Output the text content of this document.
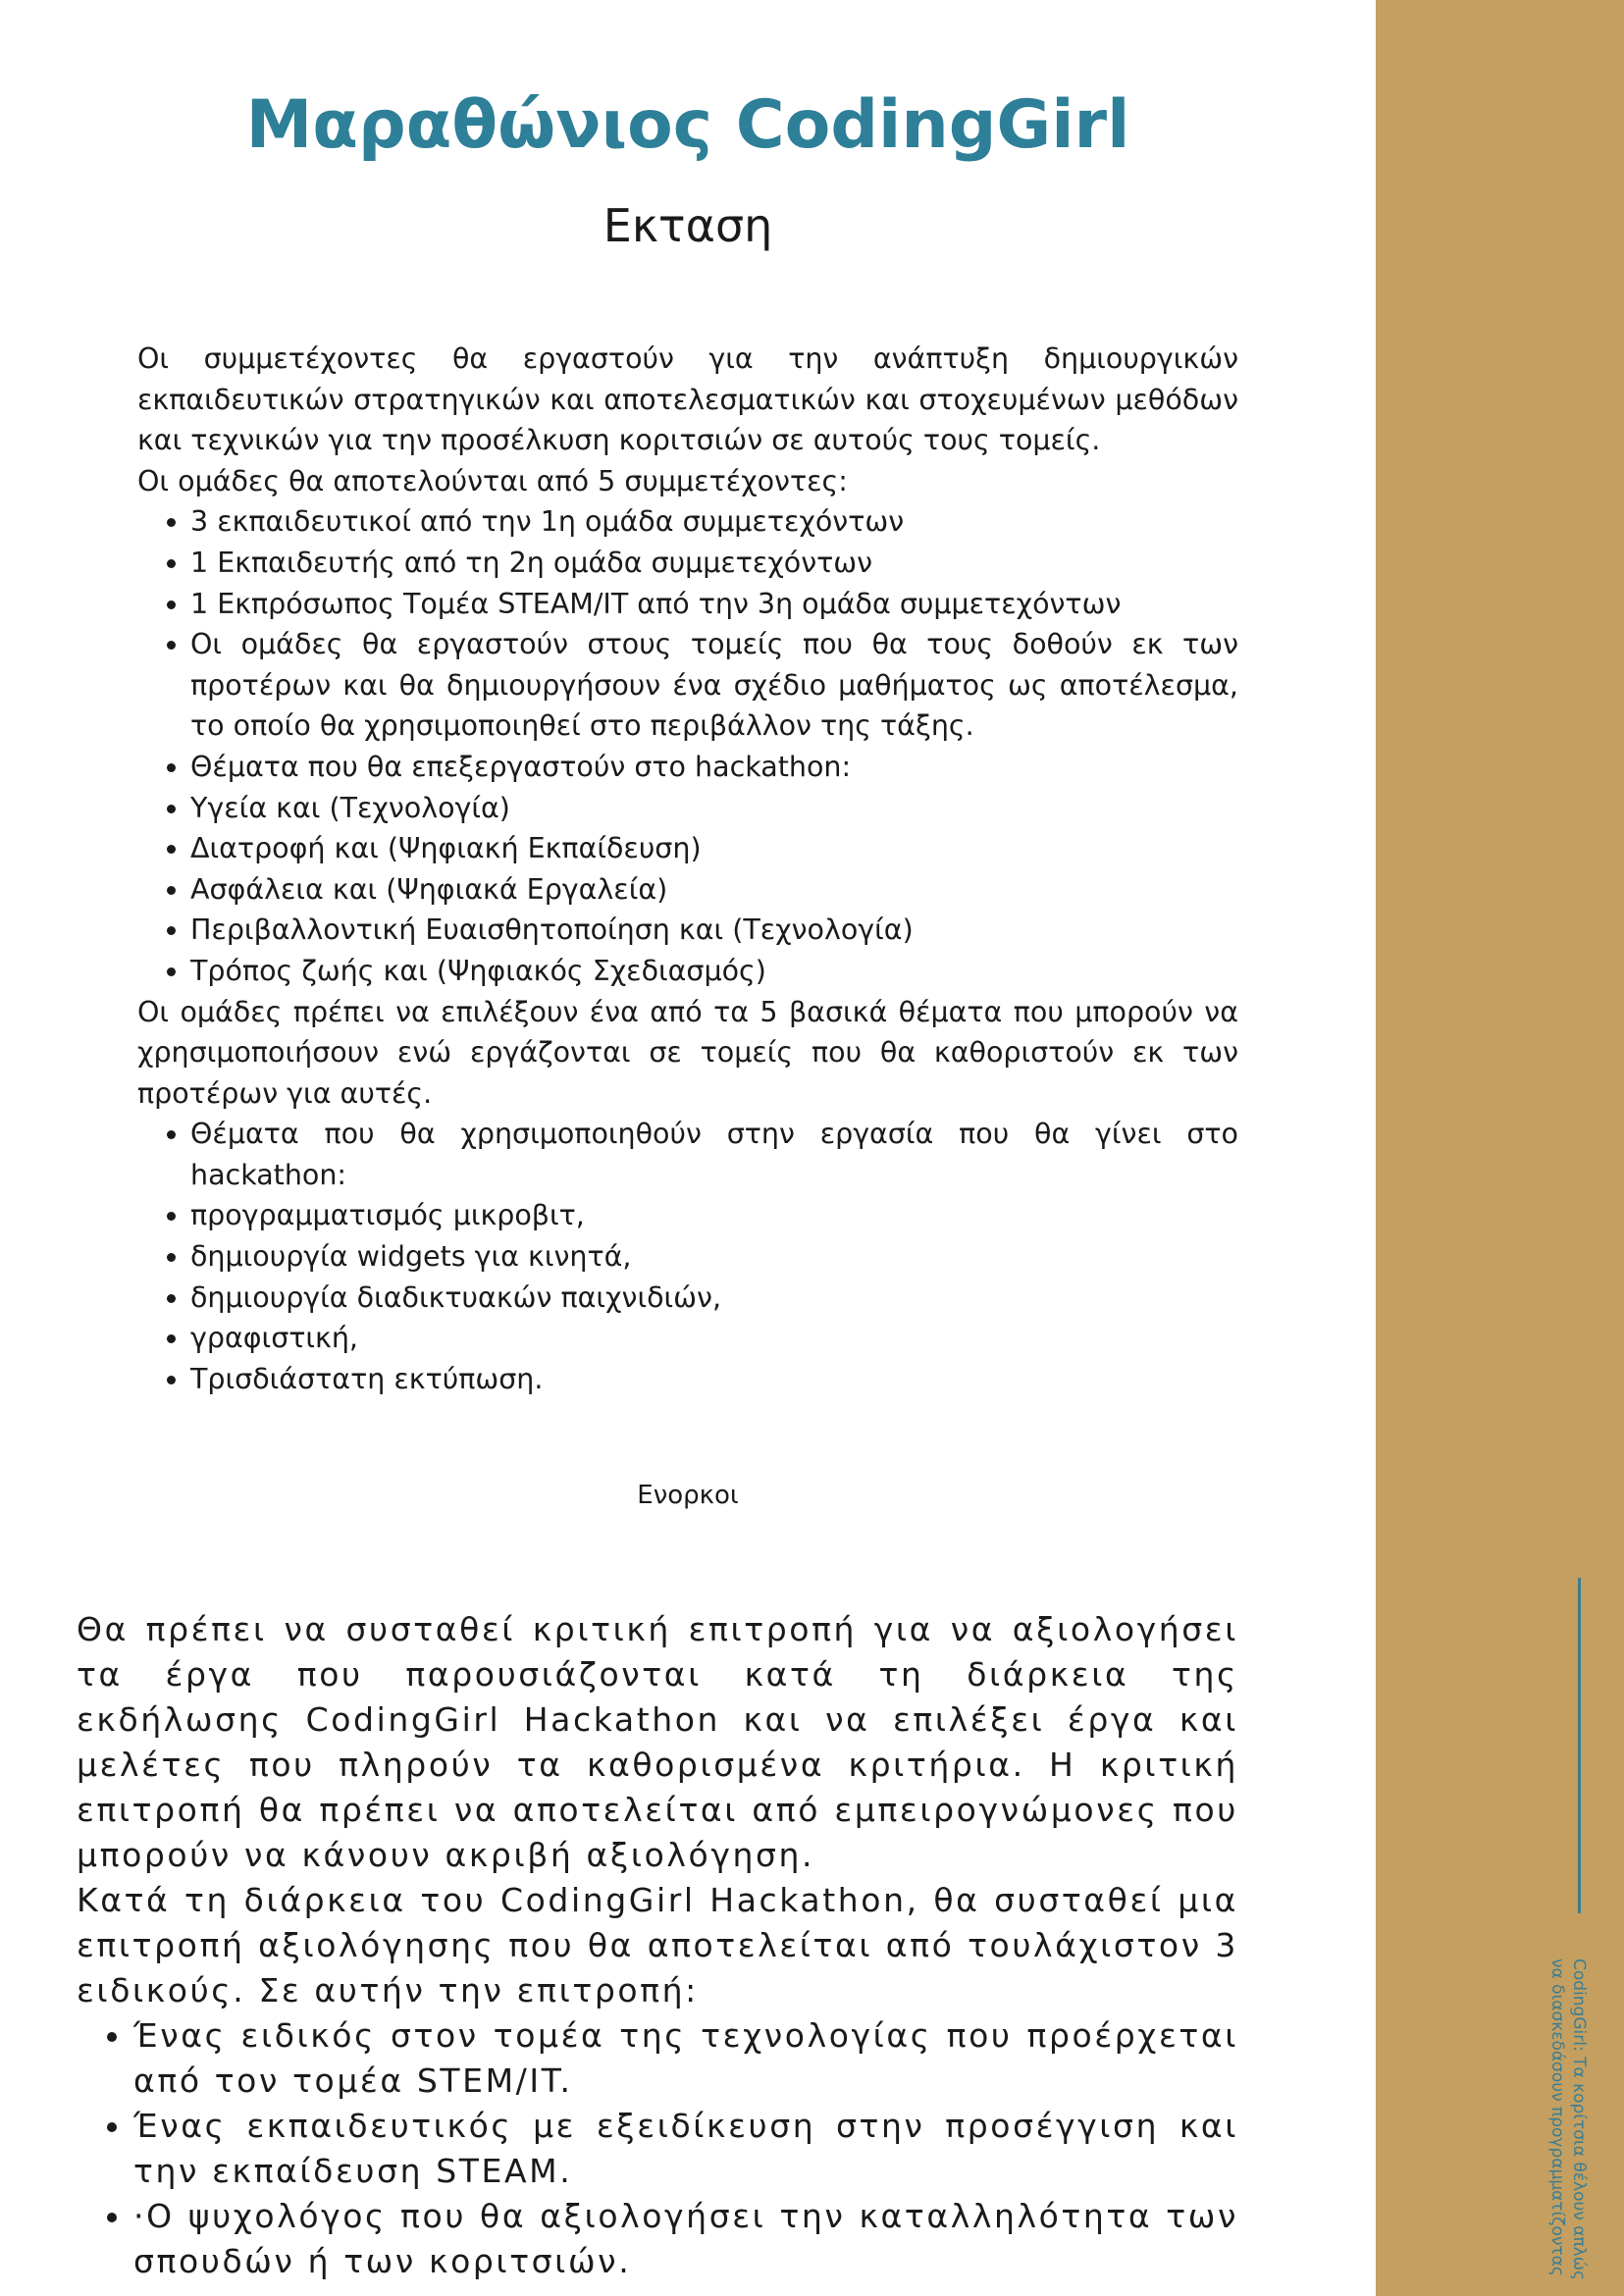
CodingGirl: Τα κορίτσια θέλουν απλώς να διασκεδάσουν προγραμματίζοντας
Μαραθώνιος CodingGirl
Εκταση

Οι συμμετέχοντες θα εργαστούν για την ανάπτυξη δημιουργικών εκπαιδευτικών στρατηγικών και αποτελεσματικών και στοχευμένων μεθόδων και τεχνικών για την προσέλκυση κοριτσιών σε αυτούς τους τομείς.

Οι ομάδες θα αποτελούνται από 5 συμμετέχοντες:

• 3 εκπαιδευτικοί από την 1η ομάδα συμμετεχόντων
• 1 Εκπαιδευτής από τη 2η ομάδα συμμετεχόντων
• 1 Εκπρόσωπος Τομέα STEAM/IT από την 3η ομάδα συμμετεχόντων
• Οι ομάδες θα εργαστούν στους τομείς που θα τους δοθούν εκ των προτέρων και θα δημιουργήσουν ένα σχέδιο μαθήματος ως αποτέλεσμα, το οποίο θα χρησιμοποιηθεί στο περιβάλλον της τάξης.
• Θέματα που θα επεξεργαστούν στο hackathon:
• Υγεία και (Τεχνολογία)
• Διατροφή και (Ψηφιακή Εκπαίδευση)
• Ασφάλεια και (Ψηφιακά Εργαλεία)
• Περιβαλλοντική Ευαισθητοποίηση και (Τεχνολογία)
• Τρόπος ζωής και (Ψηφιακός Σχεδιασμός)

Οι ομάδες πρέπει να επιλέξουν ένα από τα 5 βασικά θέματα που μπορούν να χρησιμοποιήσουν ενώ εργάζονται σε τομείς που θα καθοριστούν εκ των προτέρων για αυτές.

• Θέματα που θα χρησιμοποιηθούν στην εργασία που θα γίνει στο hackathon:
• προγραμματισμός μικροβιτ,
• δημιουργία widgets για κινητά,
• δημιουργία διαδικτυακών παιχνιδιών,
• γραφιστική,
• Τρισδιάστατη εκτύπωση.
Ενορκοι

Θα πρέπει να συσταθεί κριτική επιτροπή για να αξιολογήσει τα έργα που παρουσιάζονται κατά τη διάρκεια της εκδήλωσης CodingGirl Hackathon και να επιλέξει έργα και μελέτες που πληρούν τα καθορισμένα κριτήρια. Η κριτική επιτροπή θα πρέπει να αποτελείται από εμπειρογνώμονες που μπορούν να κάνουν ακριβή αξιολόγηση.

Κατά τη διάρκεια του CodingGirl Hackathon, θα συσταθεί μια επιτροπή αξιολόγησης που θα αποτελείται από τουλάχιστον 3 ειδικούς. Σε αυτήν την επιτροπή:

• Ένας ειδικός στον τομέα της τεχνολογίας που προέρχεται από τον τομέα STEM/IT.
• Ένας εκπαιδευτικός με εξειδίκευση στην προσέγγιση και την εκπαίδευση STEAM.
• ·Ο ψυχολόγος που θα αξιολογήσει την καταλληλότητα των σπουδών ή των κοριτσιών.
